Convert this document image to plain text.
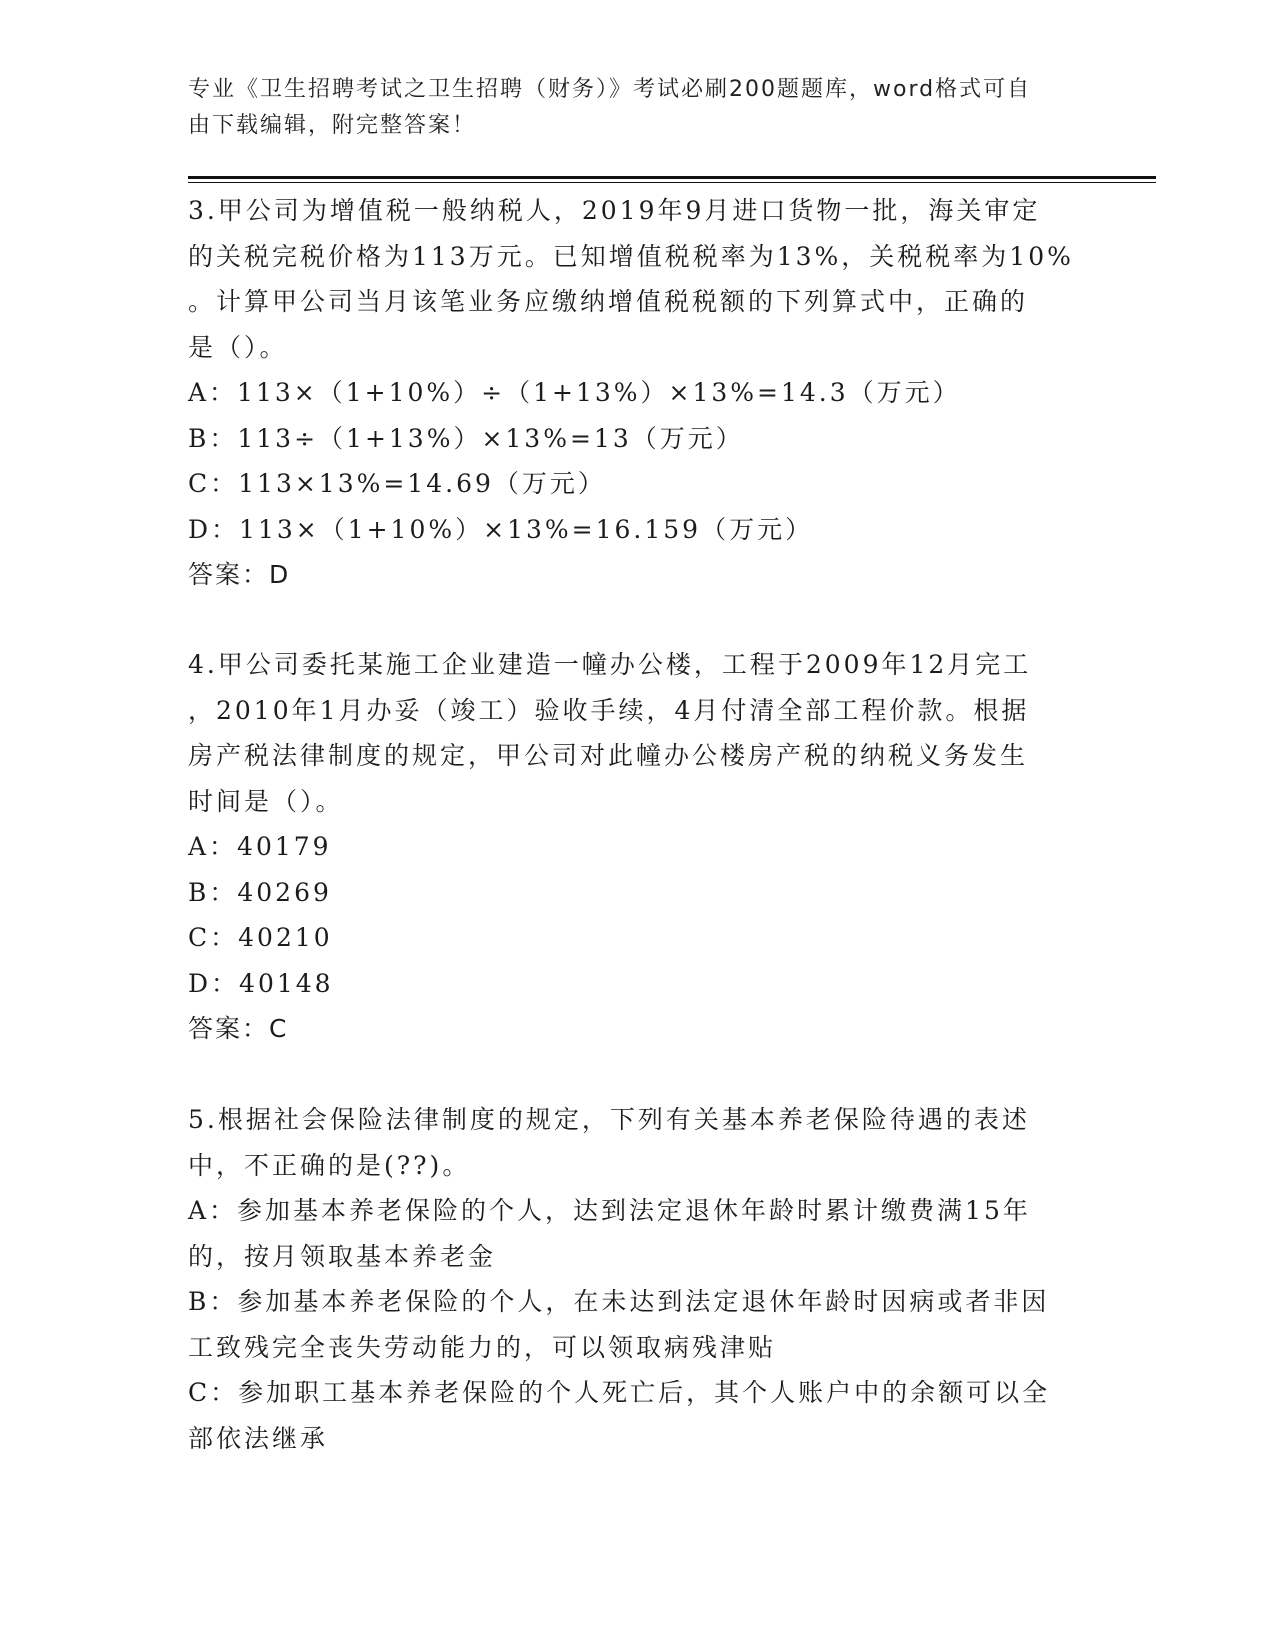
专业《卫生招聘考试之卫生招聘（财务）》考试必刷200题题库，word格式可自
由下载编辑，附完整答案！

3.甲公司为增值税一般纳税人，2019年9月进口货物一批，海关审定

的关税完税价格为113万元。已知增值税税率为13%，关税税率为10%

。计算甲公司当月该笔业务应缴纳增值税税额的下列算式中，正确的

是（）。

A：113×（1+10%）÷（1+13%）×13%=14.3（万元）

B：113÷（1+13%）×13%=13（万元）

C：113×13%=14.69（万元）

D：113×（1+10%）×13%=16.159（万元）

答案：D

4.甲公司委托某施工企业建造一幢办公楼，工程于2009年12月完工

，2010年1月办妥（竣工）验收手续，4月付清全部工程价款。根据

房产税法律制度的规定，甲公司对此幢办公楼房产税的纳税义务发生

时间是（）。

A：40179

B：40269

C：40210

D：40148

答案：C

5.根据社会保险法律制度的规定，下列有关基本养老保险待遇的表述

中，不正确的是(??)。

A：参加基本养老保险的个人，达到法定退休年龄时累计缴费满15年

的，按月领取基本养老金

B：参加基本养老保险的个人，在未达到法定退休年龄时因病或者非因

工致残完全丧失劳动能力的，可以领取病残津贴

C：参加职工基本养老保险的个人死亡后，其个人账户中的余额可以全

部依法继承
